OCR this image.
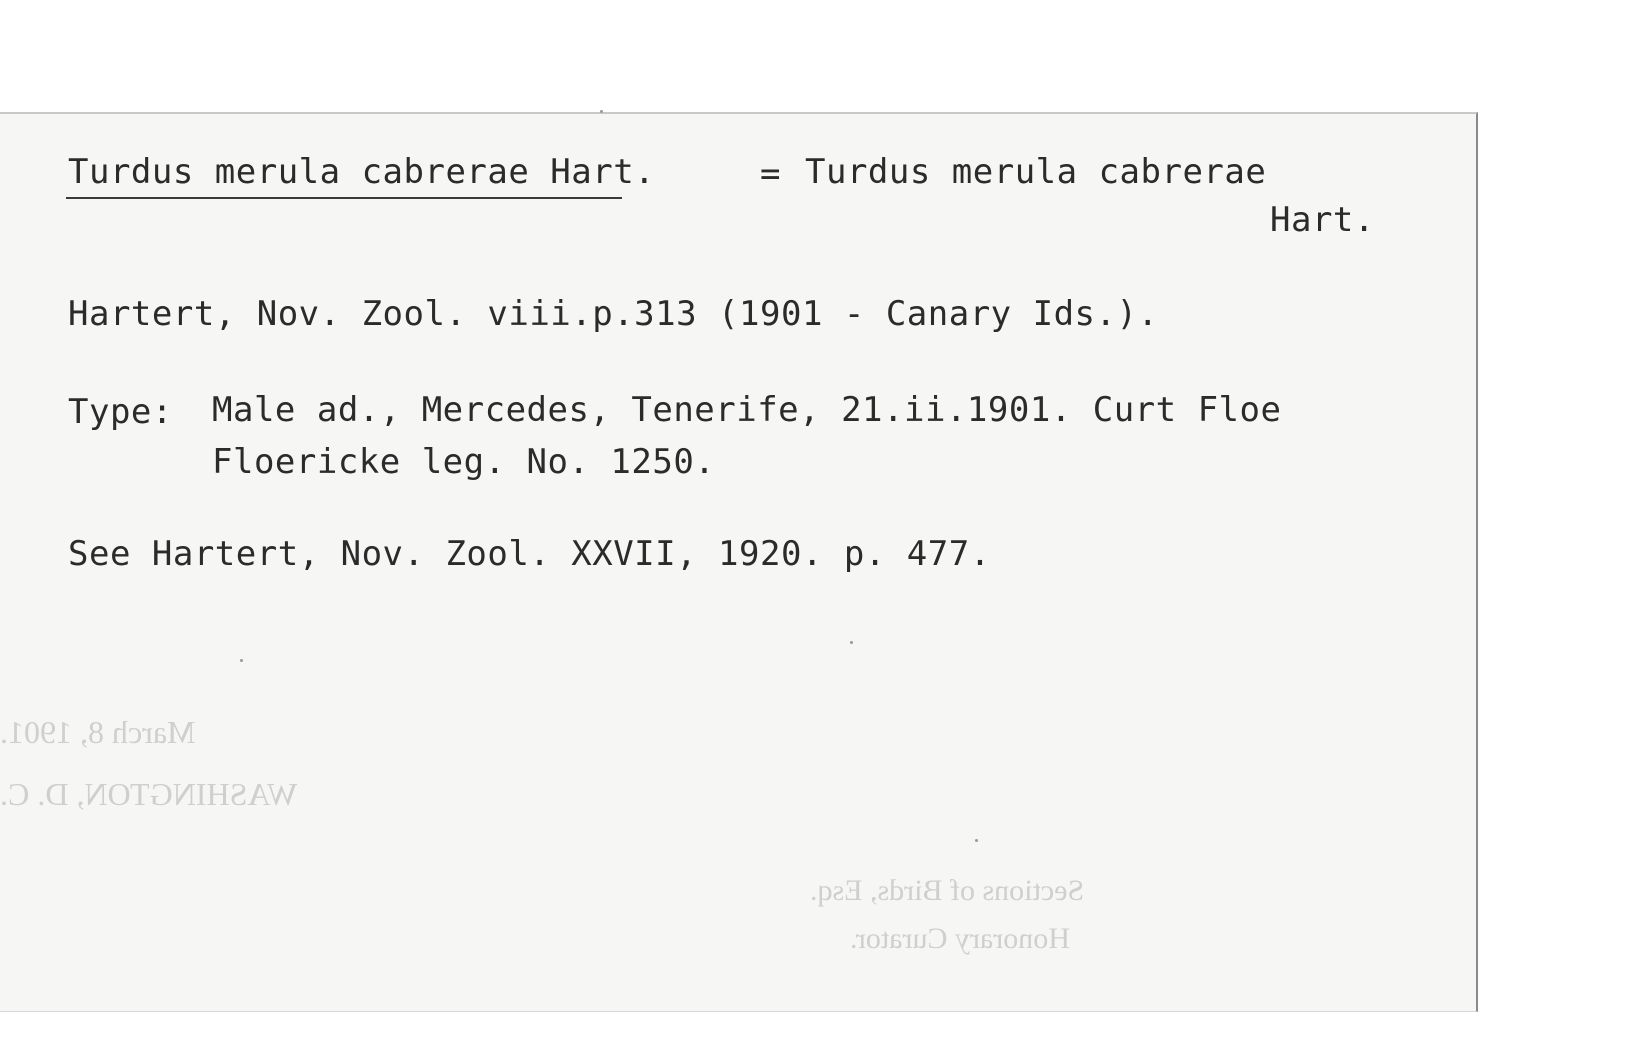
Turdus merula cabrerae Hart.	= Turdus merula cabrerae
Hart.
Hartert, Nov. Zool. viii.p.313 (1901 - Canary Ids.).
Type: Male ad., Mercedes, Tenerife, 21.ii.1901. Curt Floe
Floericke leg. No. 1250.
See Hartert, Nov. Zool. XXVII, 1920. p. 477.
March 8, 1901.
WASHINGTON, D. C.
Sections of Birds, Esq.
Honorary Curator.
